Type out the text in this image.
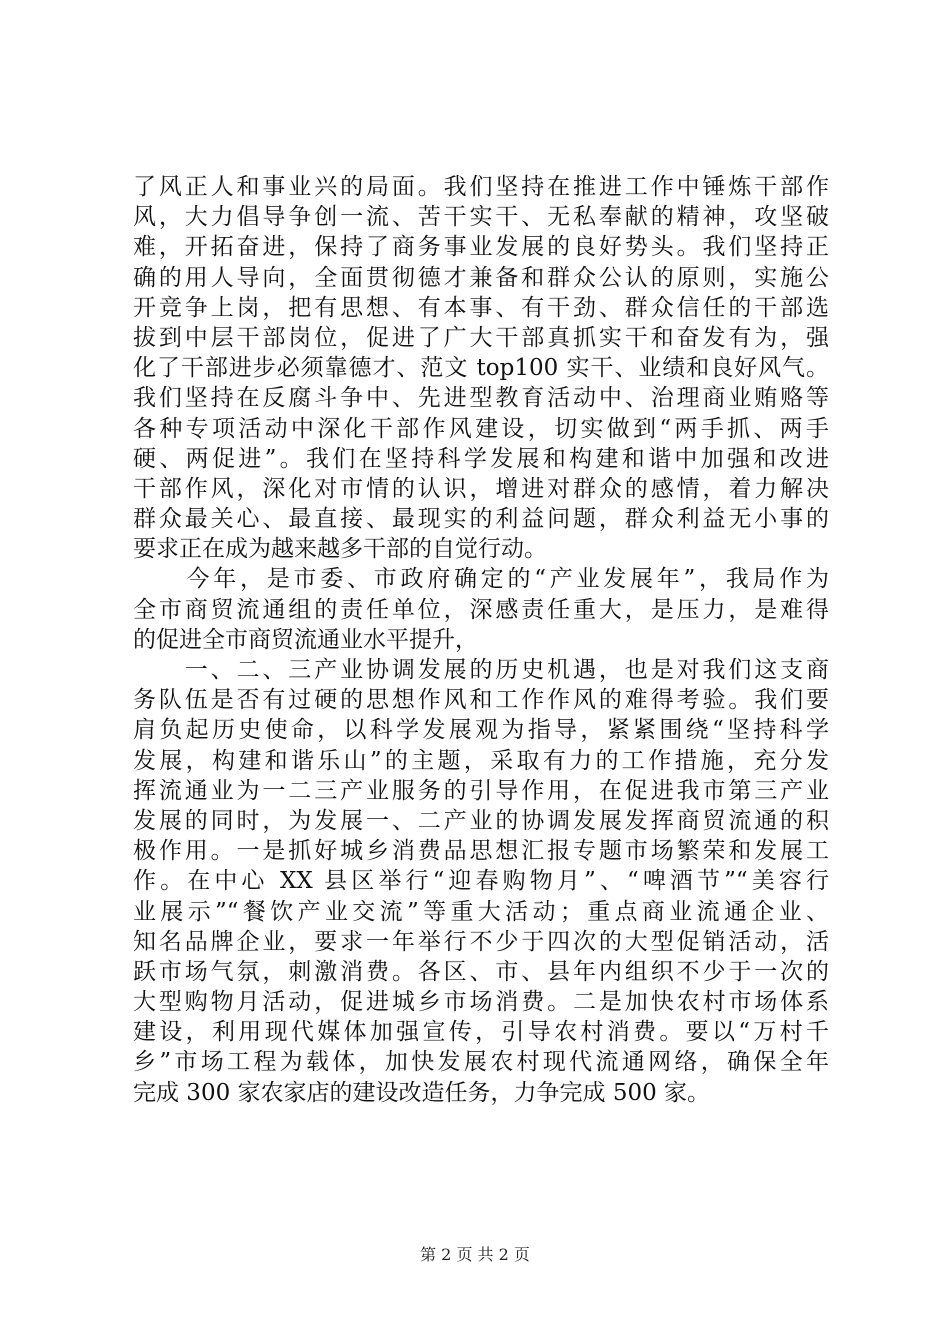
了风正人和事业兴的局面。我们坚持在推进工作中锤炼干部作
风，大力倡导争创一流、苦干实干、无私奉献的精神，攻坚破
难，开拓奋进，保持了商务事业发展的良好势头。我们坚持正
确的用人导向，全面贯彻德才兼备和群众公认的原则，实施公
开竞争上岗，把有思想、有本事、有干劲、群众信任的干部选
拔到中层干部岗位，促进了广大干部真抓实干和奋发有为，强
化了干部进步必须靠德才、范文 top100 实干、业绩和良好风气。
我们坚持在反腐斗争中、先进型教育活动中、治理商业贿赂等
各种专项活动中深化干部作风建设，切实做到“两手抓、两手
硬、两促进”。我们在坚持科学发展和构建和谐中加强和改进
干部作风，深化对市情的认识，增进对群众的感情，着力解决
群众最关心、最直接、最现实的利益问题，群众利益无小事的
要求正在成为越来越多干部的自觉行动。
　　今年，是市委、市政府确定的“产业发展年”，我局作为
全市商贸流通组的责任单位，深感责任重大，是压力，是难得
的促进全市商贸流通业水平提升，
　　一、二、三产业协调发展的历史机遇，也是对我们这支商
务队伍是否有过硬的思想作风和工作作风的难得考验。我们要
肩负起历史使命，以科学发展观为指导，紧紧围绕“坚持科学
发展，构建和谐乐山”的主题，采取有力的工作措施，充分发
挥流通业为一二三产业服务的引导作用，在促进我市第三产业
发展的同时，为发展一、二产业的协调发展发挥商贸流通的积
极作用。一是抓好城乡消费品思想汇报专题市场繁荣和发展工
作。在中心 XX 县区举行“迎春购物月”、“啤酒节”“美容行
业展示”“餐饮产业交流”等重大活动；重点商业流通企业、
知名品牌企业，要求一年举行不少于四次的大型促销活动，活
跃市场气氛，刺激消费。各区、市、县年内组织不少于一次的
大型购物月活动，促进城乡市场消费。二是加快农村市场体系
建设，利用现代媒体加强宣传，引导农村消费。要以“万村千
乡”市场工程为载体，加快发展农村现代流通网络，确保全年
完成 300 家农家店的建设改造任务，力争完成 500 家。
第 2 页 共 2 页
